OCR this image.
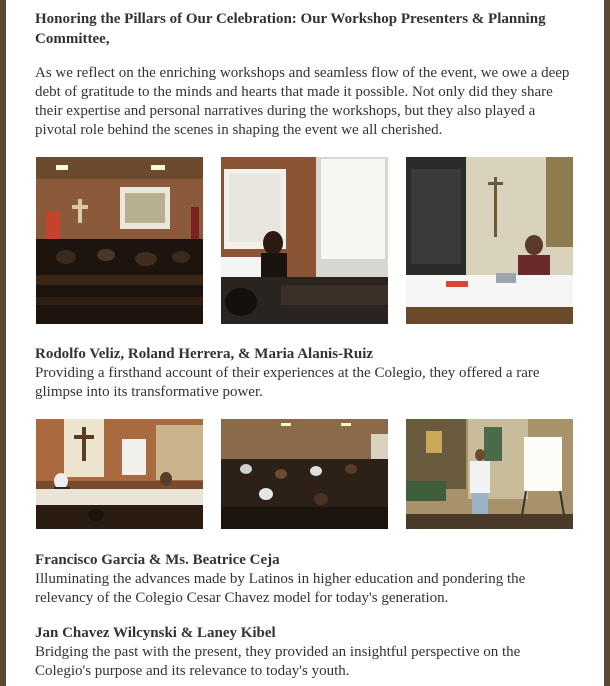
Honoring the Pillars of Our Celebration: Our Workshop Presenters & Planning Committee,
As we reflect on the enriching workshops and seamless flow of the event, we owe a deep debt of gratitude to the minds and hearts that made it possible. Not only did they share their expertise and personal narratives during the workshops, but they also played a pivotal role behind the scenes in shaping the event we all cherished.
Rodolfo Veliz, Roland Herrera, & Maria Alanis-Ruiz
Providing a firsthand account of their experiences at the Colegio, they offered a rare glimpse into its transformative power.
Francisco Garcia & Ms. Beatrice Ceja
Illuminating the advances made by Latinos in higher education and pondering the relevancy of the Colegio Cesar Chavez model for today's generation.
Jan Chavez Wilcynski & Laney Kibel
Bridging the past with the present, they provided an insightful perspective on the Colegio's purpose and its relevance to today's youth.
